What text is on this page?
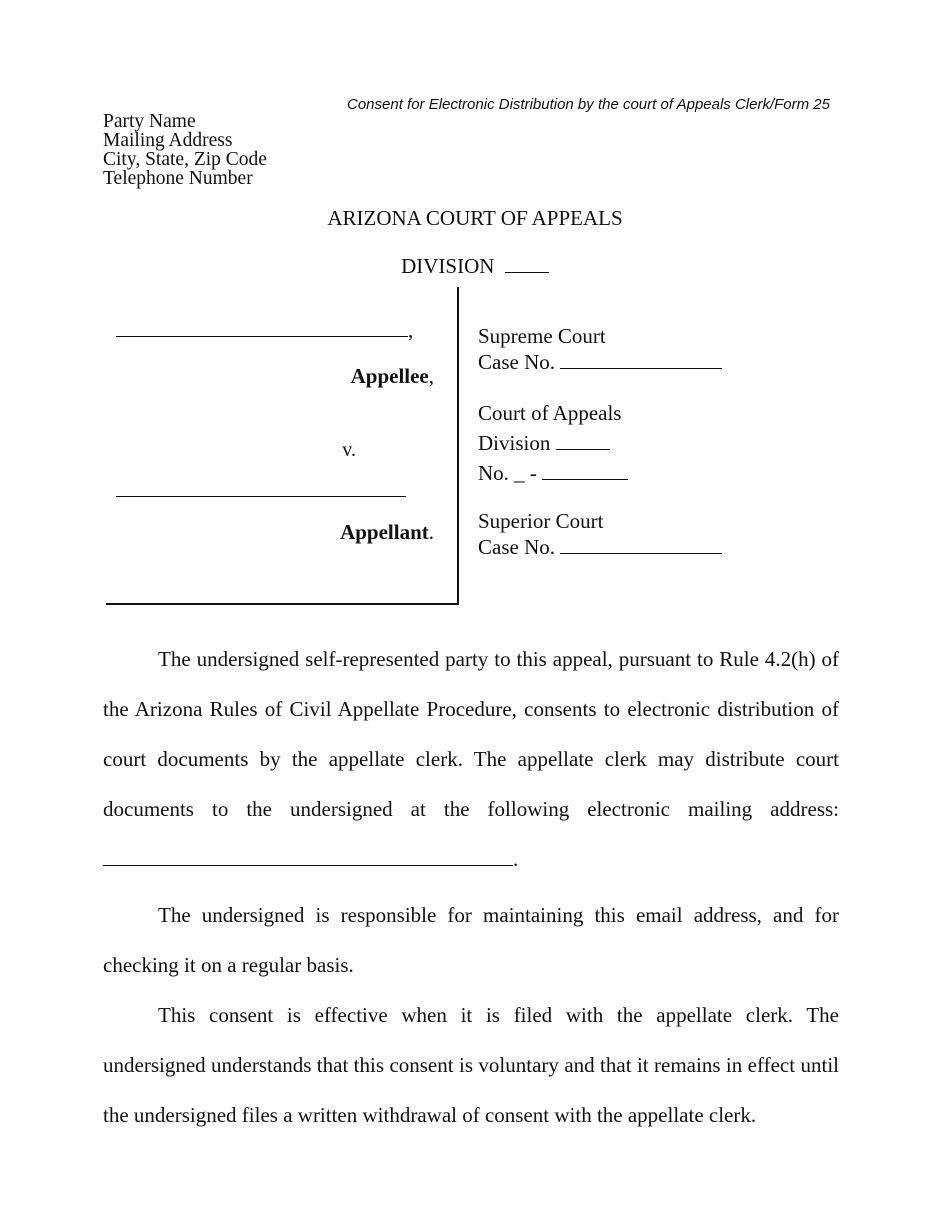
Consent for Electronic Distribution by the court of Appeals Clerk/Form 25
Party Name
Mailing Address
City, State, Zip Code
Telephone Number
ARIZONA COURT OF APPEALS
DIVISION
,
Appellee,
v.
Appellant.
Supreme Court
Case No.
Court of Appeals
Division
No. _ -
Superior Court
Case No.

The undersigned self-represented party to this appeal, pursuant to Rule 4.2(h) of the Arizona Rules of Civil Appellate Procedure, consents to electronic distribution of court documents by the appellate clerk. The appellate clerk may distribute court documents to the undersigned at the following electronic mailing address:.

The undersigned is responsible for maintaining this email address, and for checking it on a regular basis.

This consent is effective when it is filed with the appellate clerk. The undersigned understands that this consent is voluntary and that it remains in effect until the undersigned files a written withdrawal of consent with the appellate clerk.
